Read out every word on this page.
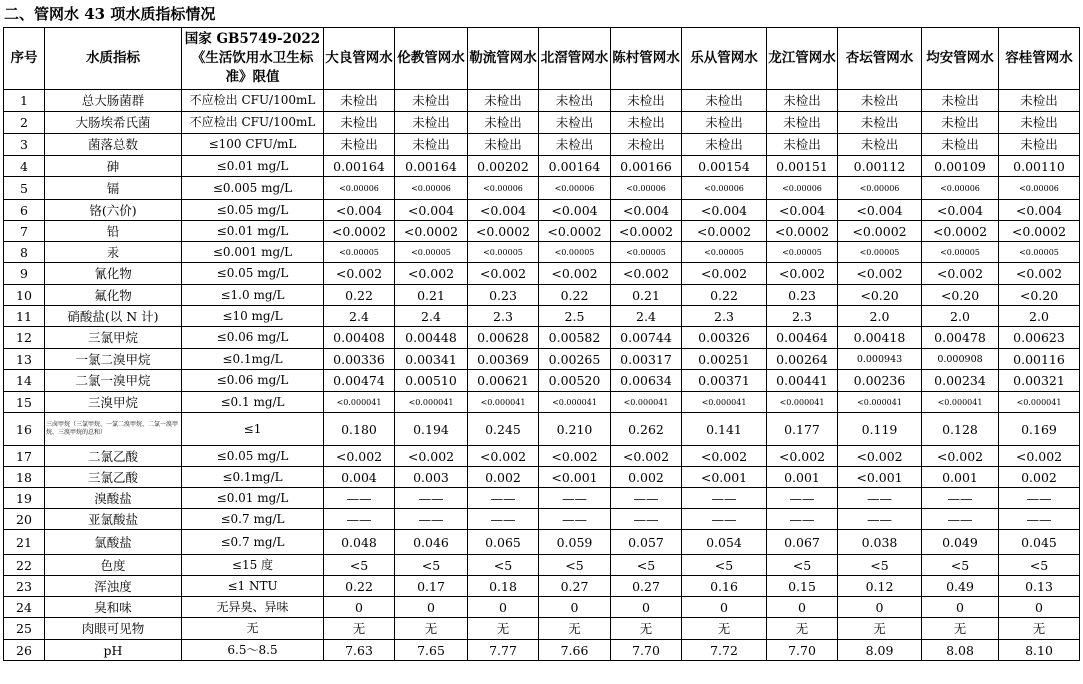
二、管网水 43 项水质指标情况
序号	水质指标	国家 GB5749-2022《生活饮用水卫生标准》限值	大良管网水	伦教管网水	勒流管网水	北滘管网水	陈村管网水	乐从管网水	龙江管网水	杏坛管网水	均安管网水	容桂管网水
1	总大肠菌群	不应检出 CFU/100mL	未检出	未检出	未检出	未检出	未检出	未检出	未检出	未检出	未检出	未检出
2	大肠埃希氏菌	不应检出 CFU/100mL	未检出	未检出	未检出	未检出	未检出	未检出	未检出	未检出	未检出	未检出
3	菌落总数	≤100 CFU/mL	未检出	未检出	未检出	未检出	未检出	未检出	未检出	未检出	未检出	未检出
4	砷	≤0.01 mg/L	0.00164	0.00164	0.00202	0.00164	0.00166	0.00154	0.00151	0.00112	0.00109	0.00110
5	镉	≤0.005 mg/L	<0.00006	<0.00006	<0.00006	<0.00006	<0.00006	<0.00006	<0.00006	<0.00006	<0.00006	<0.00006
6	铬(六价)	≤0.05 mg/L	<0.004	<0.004	<0.004	<0.004	<0.004	<0.004	<0.004	<0.004	<0.004	<0.004
7	铅	≤0.01 mg/L	<0.0002	<0.0002	<0.0002	<0.0002	<0.0002	<0.0002	<0.0002	<0.0002	<0.0002	<0.0002
8	汞	≤0.001 mg/L	<0.00005	<0.00005	<0.00005	<0.00005	<0.00005	<0.00005	<0.00005	<0.00005	<0.00005	<0.00005
9	氰化物	≤0.05 mg/L	<0.002	<0.002	<0.002	<0.002	<0.002	<0.002	<0.002	<0.002	<0.002	<0.002
10	氟化物	≤1.0 mg/L	0.22	0.21	0.23	0.22	0.21	0.22	0.23	<0.20	<0.20	<0.20
11	硝酸盐(以 N 计)	≤10 mg/L	2.4	2.4	2.3	2.5	2.4	2.3	2.3	2.0	2.0	2.0
12	三氯甲烷	≤0.06 mg/L	0.00408	0.00448	0.00628	0.00582	0.00744	0.00326	0.00464	0.00418	0.00478	0.00623
13	一氯二溴甲烷	≤0.1mg/L	0.00336	0.00341	0.00369	0.00265	0.00317	0.00251	0.00264	0.000943	0.000908	0.00116
14	二氯一溴甲烷	≤0.06 mg/L	0.00474	0.00510	0.00621	0.00520	0.00634	0.00371	0.00441	0.00236	0.00234	0.00321
15	三溴甲烷	≤0.1 mg/L	<0.000041	<0.000041	<0.000041	<0.000041	<0.000041	<0.000041	<0.000041	<0.000041	<0.000041	<0.000041
16	三卤甲烷（三氯甲烷、一氯二溴甲烷、二氯一溴甲烷、三溴甲烷的总和）	≤1	0.180	0.194	0.245	0.210	0.262	0.141	0.177	0.119	0.128	0.169
17	二氯乙酸	≤0.05 mg/L	<0.002	<0.002	<0.002	<0.002	<0.002	<0.002	<0.002	<0.002	<0.002	<0.002
18	三氯乙酸	≤0.1mg/L	0.004	0.003	0.002	<0.001	0.002	<0.001	0.001	<0.001	0.001	0.002
19	溴酸盐	≤0.01 mg/L	——	——	——	——	——	——	——	——	——	——
20	亚氯酸盐	≤0.7 mg/L	——	——	——	——	——	——	——	——	——	——
21	氯酸盐	≤0.7 mg/L	0.048	0.046	0.065	0.059	0.057	0.054	0.067	0.038	0.049	0.045
22	色度	≤15 度	<5	<5	<5	<5	<5	<5	<5	<5	<5	<5
23	浑浊度	≤1 NTU	0.22	0.17	0.18	0.27	0.27	0.16	0.15	0.12	0.49	0.13
24	臭和味	无异臭、异味	0	0	0	0	0	0	0	0	0	0
25	肉眼可见物	无	无	无	无	无	无	无	无	无	无	无
26	pH	6.5～8.5	7.63	7.65	7.77	7.66	7.70	7.72	7.70	8.09	8.08	8.10
